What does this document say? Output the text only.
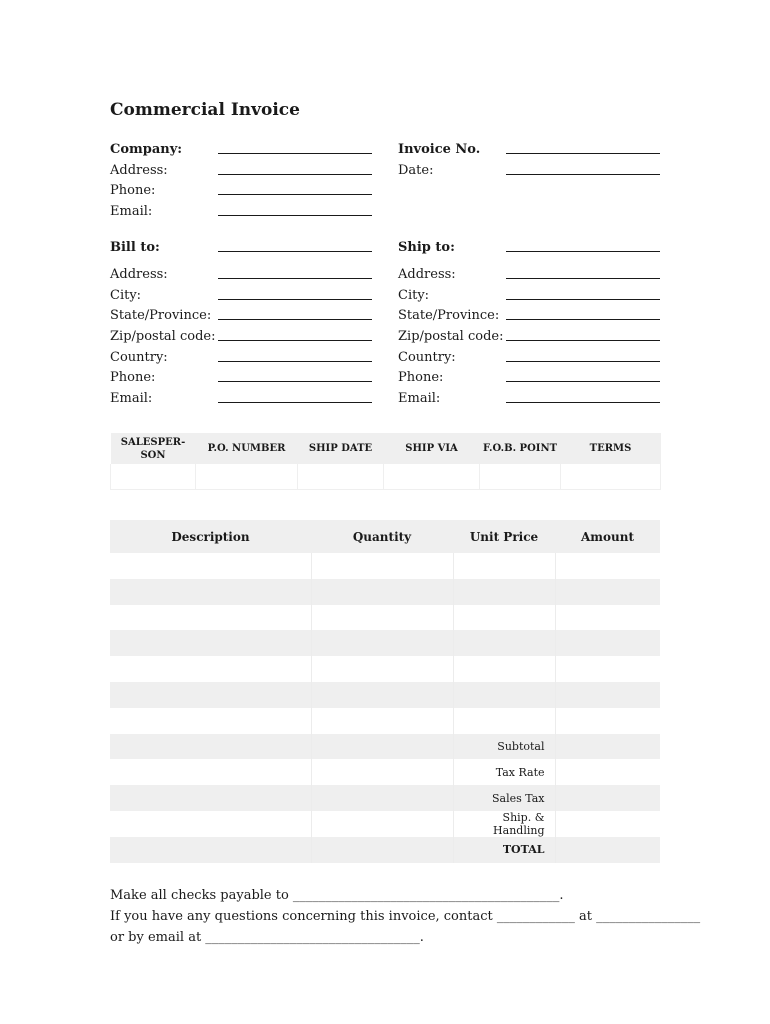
Commercial Invoice
Company:
Address:
Phone:
Email:
Invoice No.
Date:
Bill to:
Address:
City:
State/Province:
Zip/postal code:
Country:
Phone:
Email:
Ship to:
Address:
City:
State/Province:
Zip/postal code:
Country:
Phone:
Email:
SALESPER-
SON	P.O. NUMBER	SHIP DATE	SHIP VIA	F.O.B. POINT	TERMS

Description	Quantity	Unit Price	Amount

		Subtotal	
		Tax Rate	
		Sales Tax	
		Ship. & Handling	
		TOTAL	
Make all checks payable to _________________________________________.
If you have any questions concerning this invoice, contact ____________ at ________________
or by email at _________________________________.
